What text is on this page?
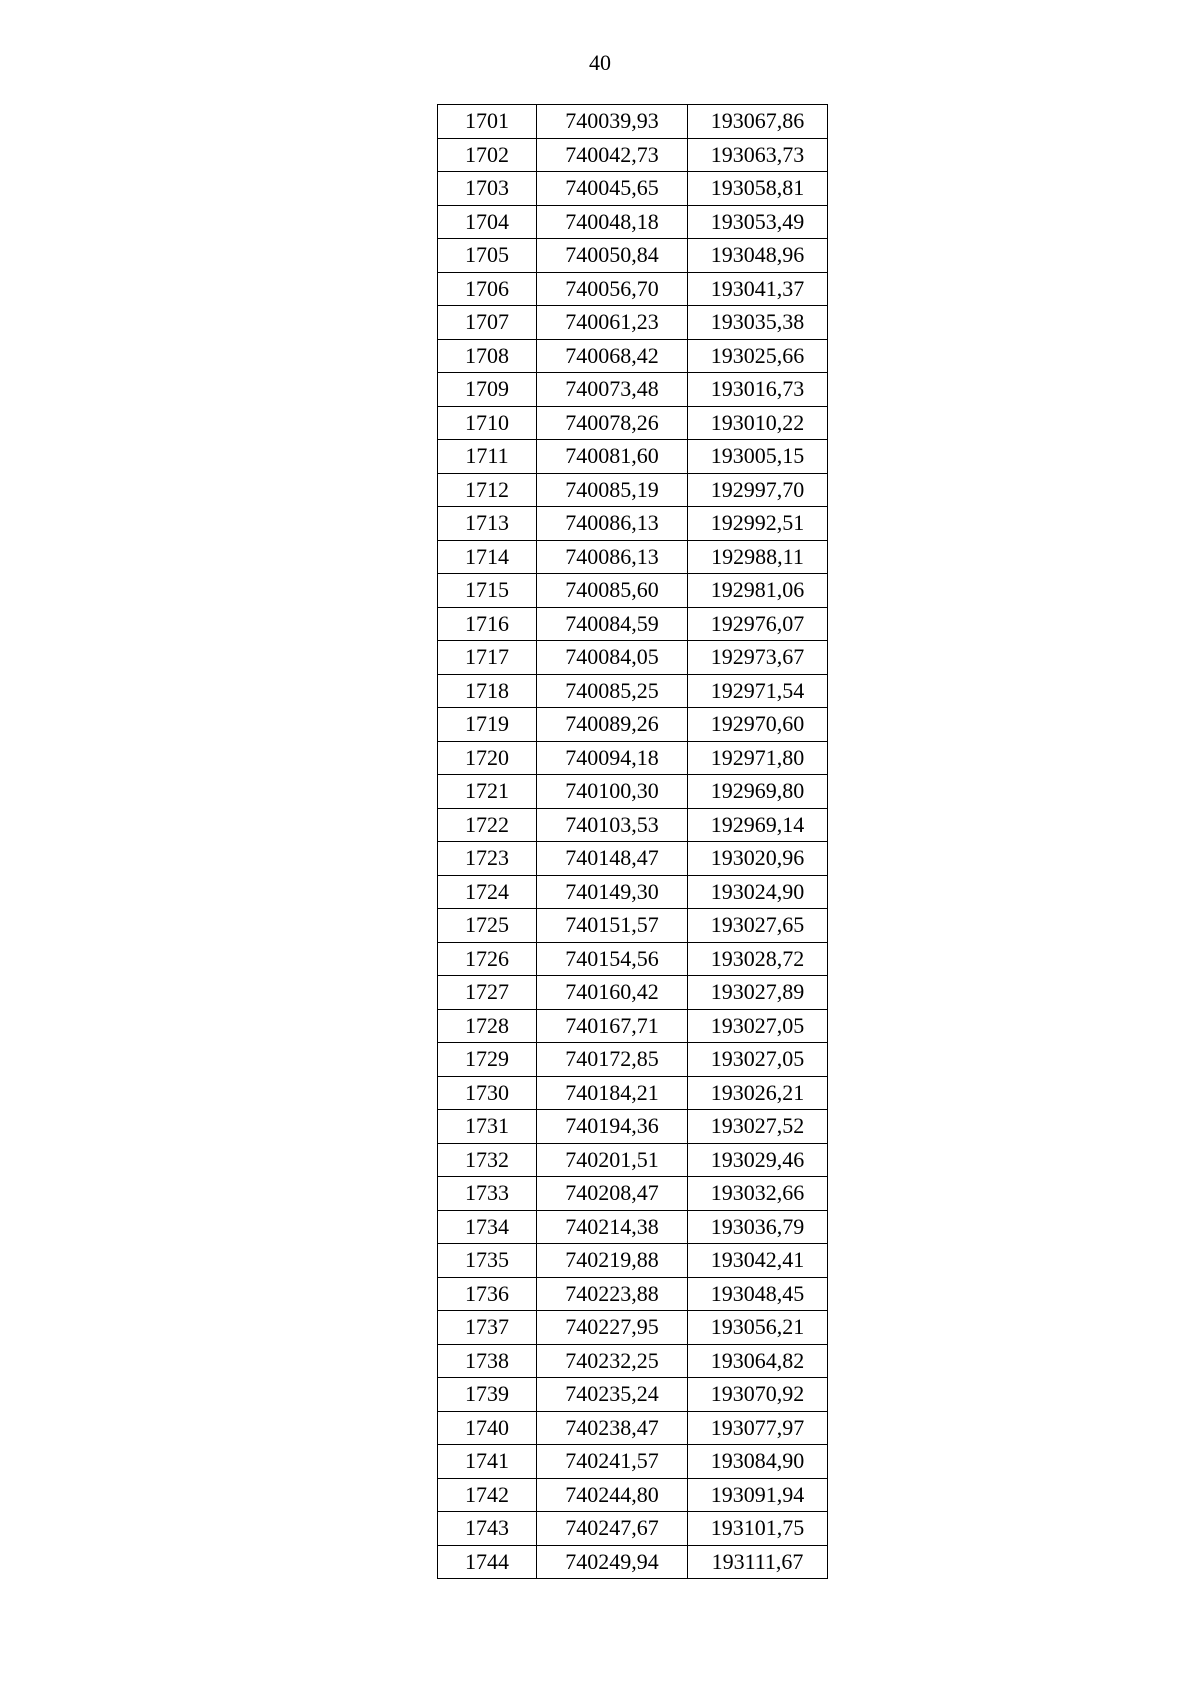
40
1701	740039,93	193067,86
1702	740042,73	193063,73
1703	740045,65	193058,81
1704	740048,18	193053,49
1705	740050,84	193048,96
1706	740056,70	193041,37
1707	740061,23	193035,38
1708	740068,42	193025,66
1709	740073,48	193016,73
1710	740078,26	193010,22
1711	740081,60	193005,15
1712	740085,19	192997,70
1713	740086,13	192992,51
1714	740086,13	192988,11
1715	740085,60	192981,06
1716	740084,59	192976,07
1717	740084,05	192973,67
1718	740085,25	192971,54
1719	740089,26	192970,60
1720	740094,18	192971,80
1721	740100,30	192969,80
1722	740103,53	192969,14
1723	740148,47	193020,96
1724	740149,30	193024,90
1725	740151,57	193027,65
1726	740154,56	193028,72
1727	740160,42	193027,89
1728	740167,71	193027,05
1729	740172,85	193027,05
1730	740184,21	193026,21
1731	740194,36	193027,52
1732	740201,51	193029,46
1733	740208,47	193032,66
1734	740214,38	193036,79
1735	740219,88	193042,41
1736	740223,88	193048,45
1737	740227,95	193056,21
1738	740232,25	193064,82
1739	740235,24	193070,92
1740	740238,47	193077,97
1741	740241,57	193084,90
1742	740244,80	193091,94
1743	740247,67	193101,75
1744	740249,94	193111,67
